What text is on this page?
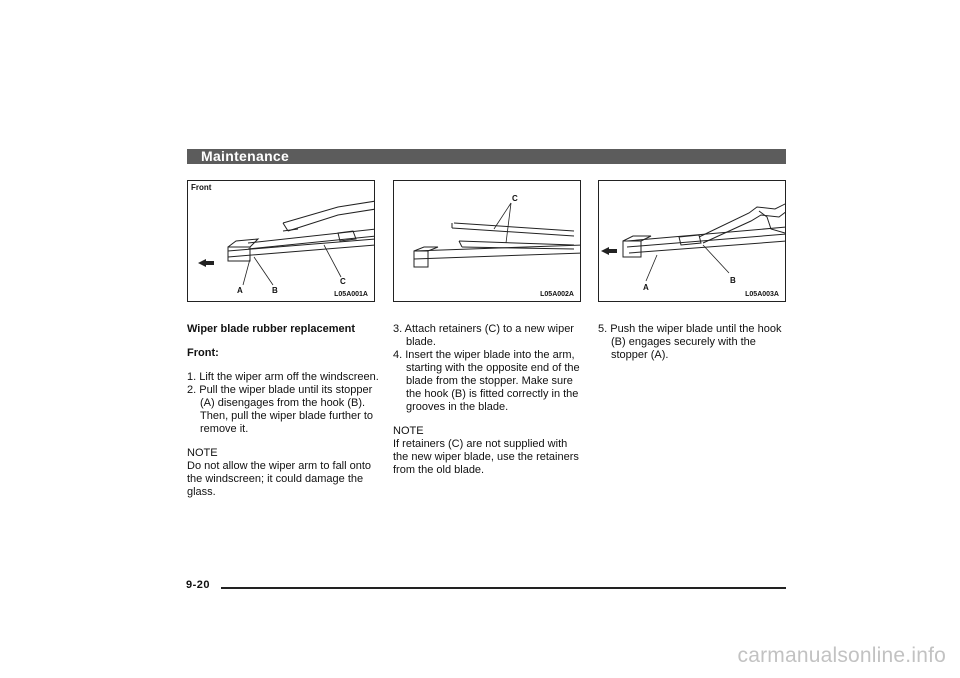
Maintenance
Front
A	B
C
L05A001A
C
L05A002A
A
B
L05A003A

Wiper blade rubber replacement

Front:

1. Lift the wiper arm off the windscreen.

2. Pull the wiper blade until its stopper (A) disengages from the hook (B). Then, pull the wiper blade further to remove it.

NOTE

Do not allow the wiper arm to fall onto the windscreen; it could damage the glass.

3. Attach retainers (C) to a new wiper blade.

4. Insert the wiper blade into the arm, starting with the opposite end of the blade from the stopper. Make sure the hook (B) is fitted correctly in the grooves in the blade.

NOTE

If retainers (C) are not supplied with the new wiper blade, use the retainers from the old blade.

5. Push the wiper blade until the hook (B) engages securely with the stopper (A).

9-20
carmanualsonline.info
